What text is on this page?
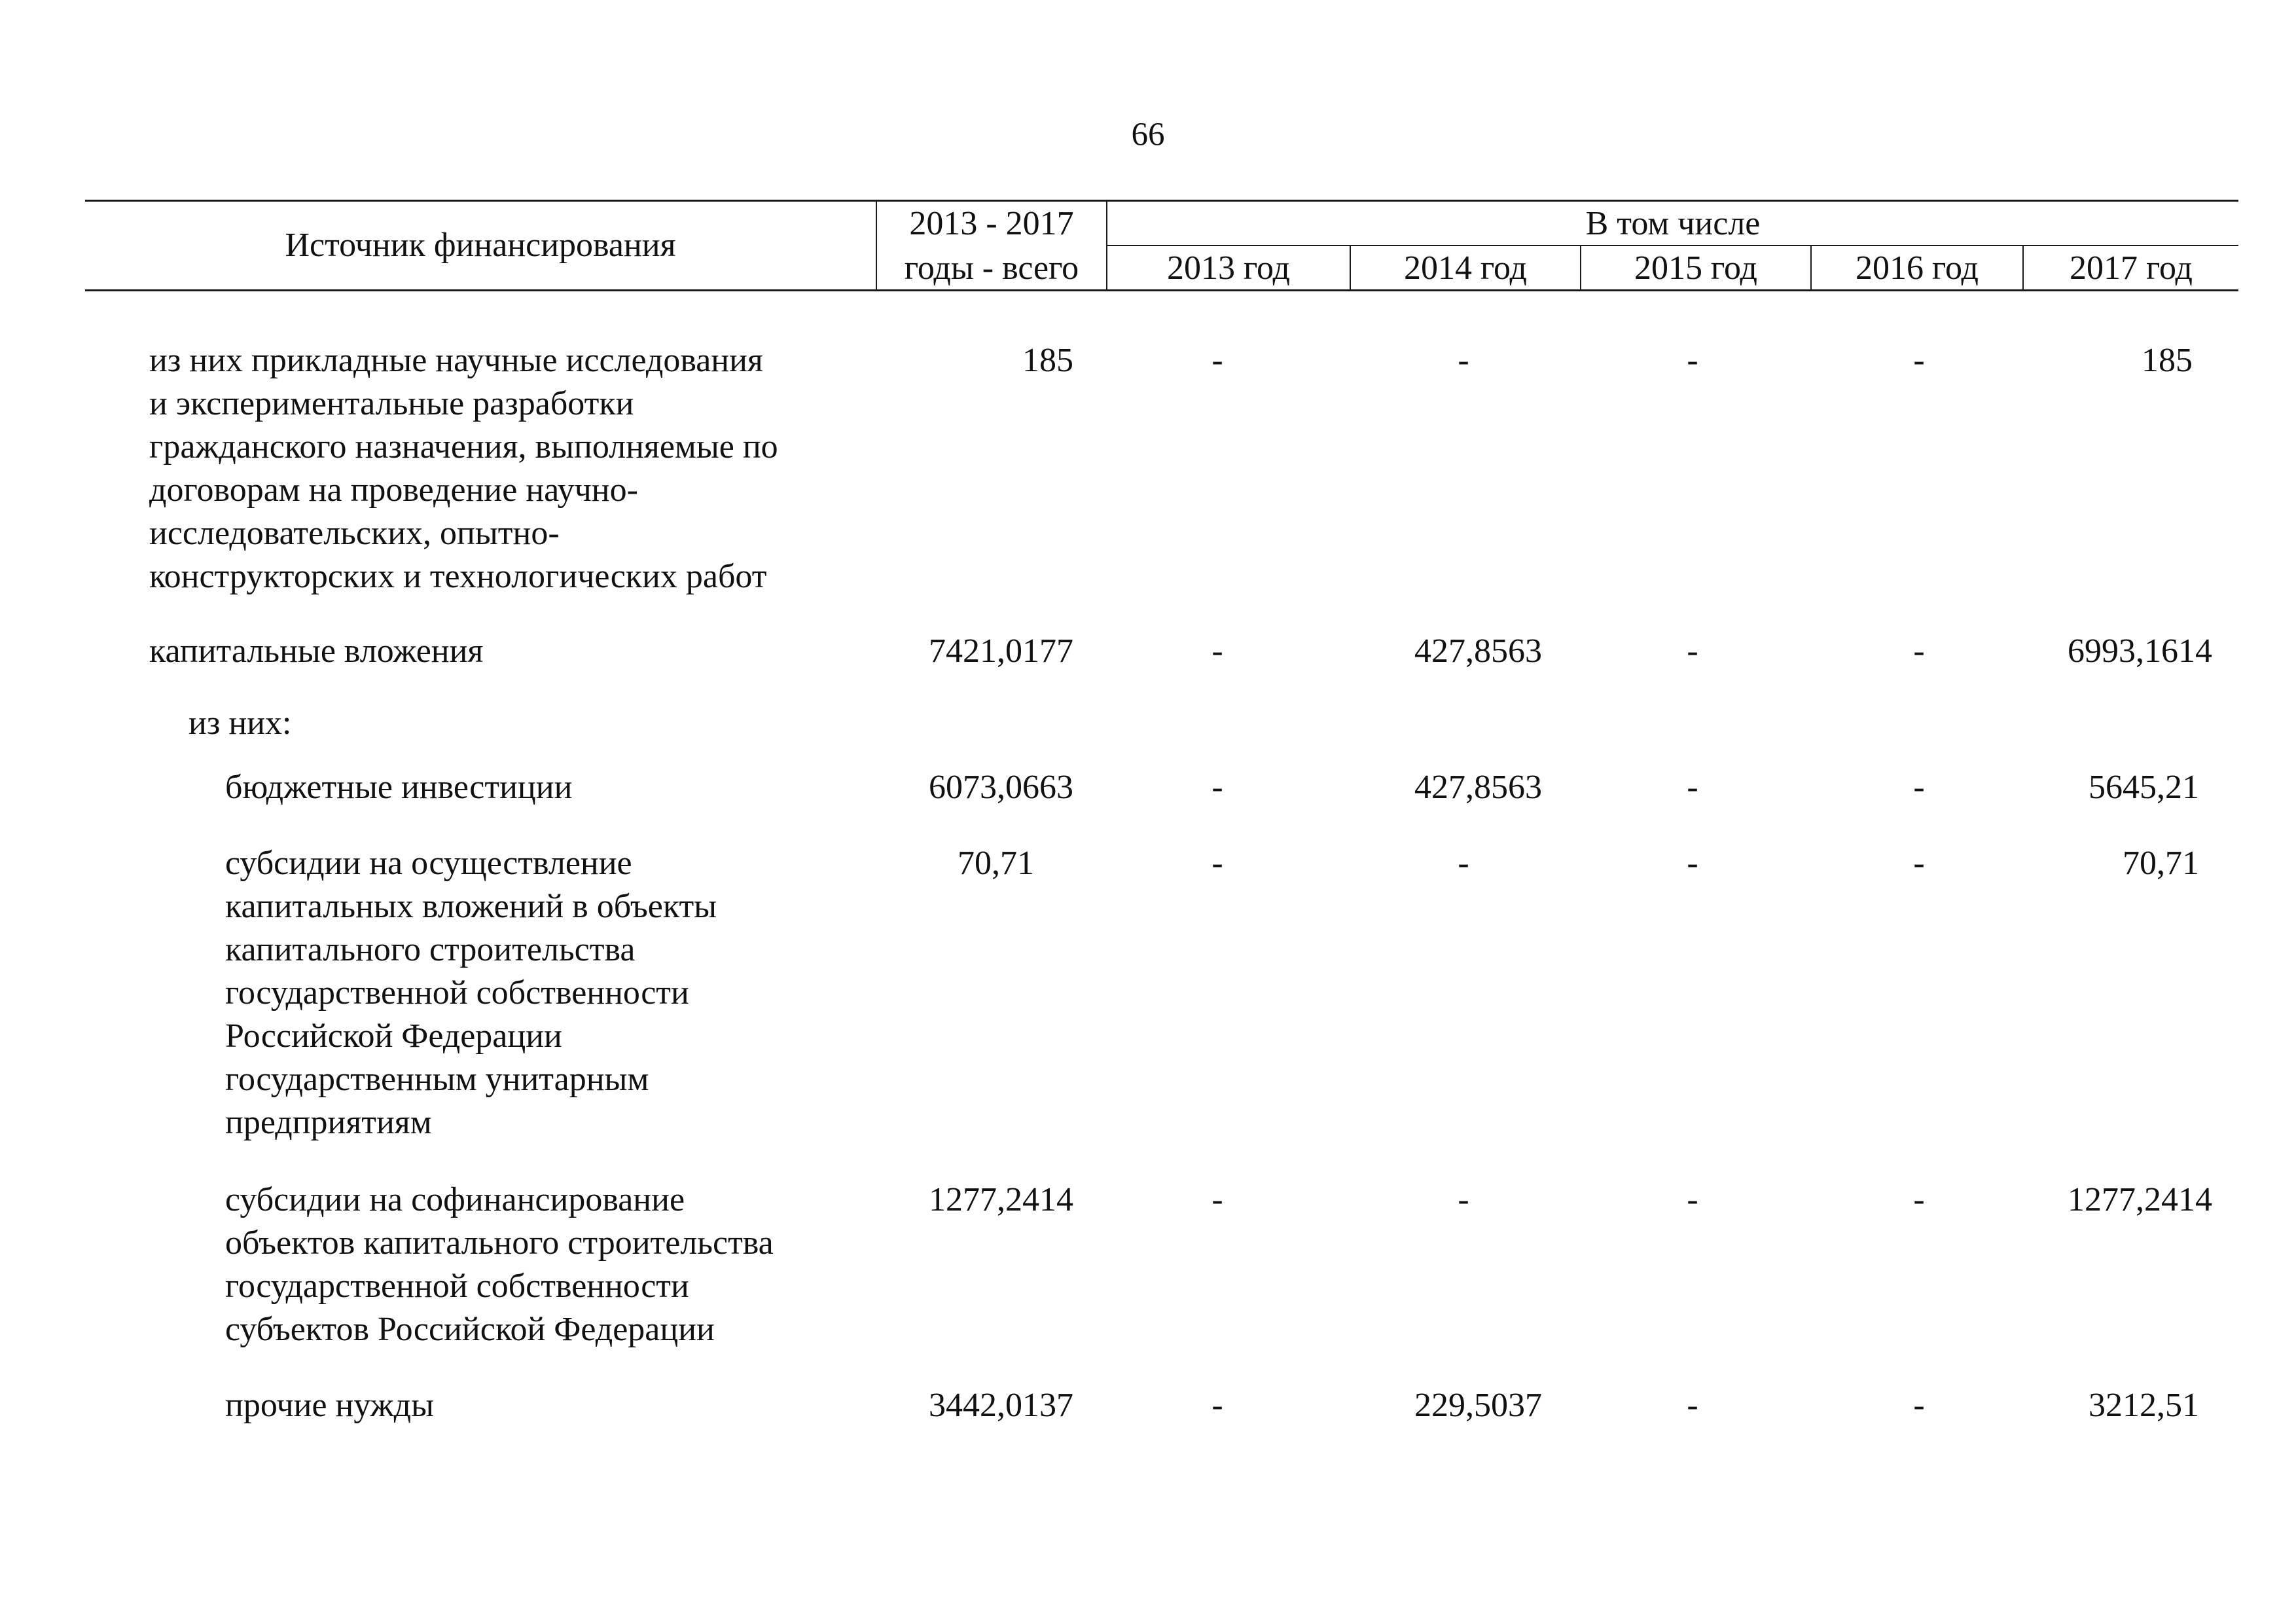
66
Источник финансирования
2013 - 2017
годы - всего
В том числе
2013 год	2014 год	2015 год	2016 год	2017 год
из них прикладные научные исследования
и экспериментальные разработки
гражданского назначения, выполняемые по
договорам на проведение научно-
исследовательских, опытно-
конструкторских и технологических работ
185	-	-	-	-	185
капитальные вложения	7421,0177	-	427,8563	-	-	6993,1614
из них:
бюджетные инвестиции	6073,0663	-	427,8563	-	-	5645,21
субсидии на осуществление
капитальных вложений в объекты
капитального строительства
государственной собственности
Российской Федерации
государственным унитарным
предприятиям
70,71	-	-	-	-	70,71
субсидии на софинансирование
объектов капитального строительства
государственной собственности
субъектов Российской Федерации
1277,2414	-	-	-	-	1277,2414
прочие нужды	3442,0137	-	229,5037	-	-	3212,51
